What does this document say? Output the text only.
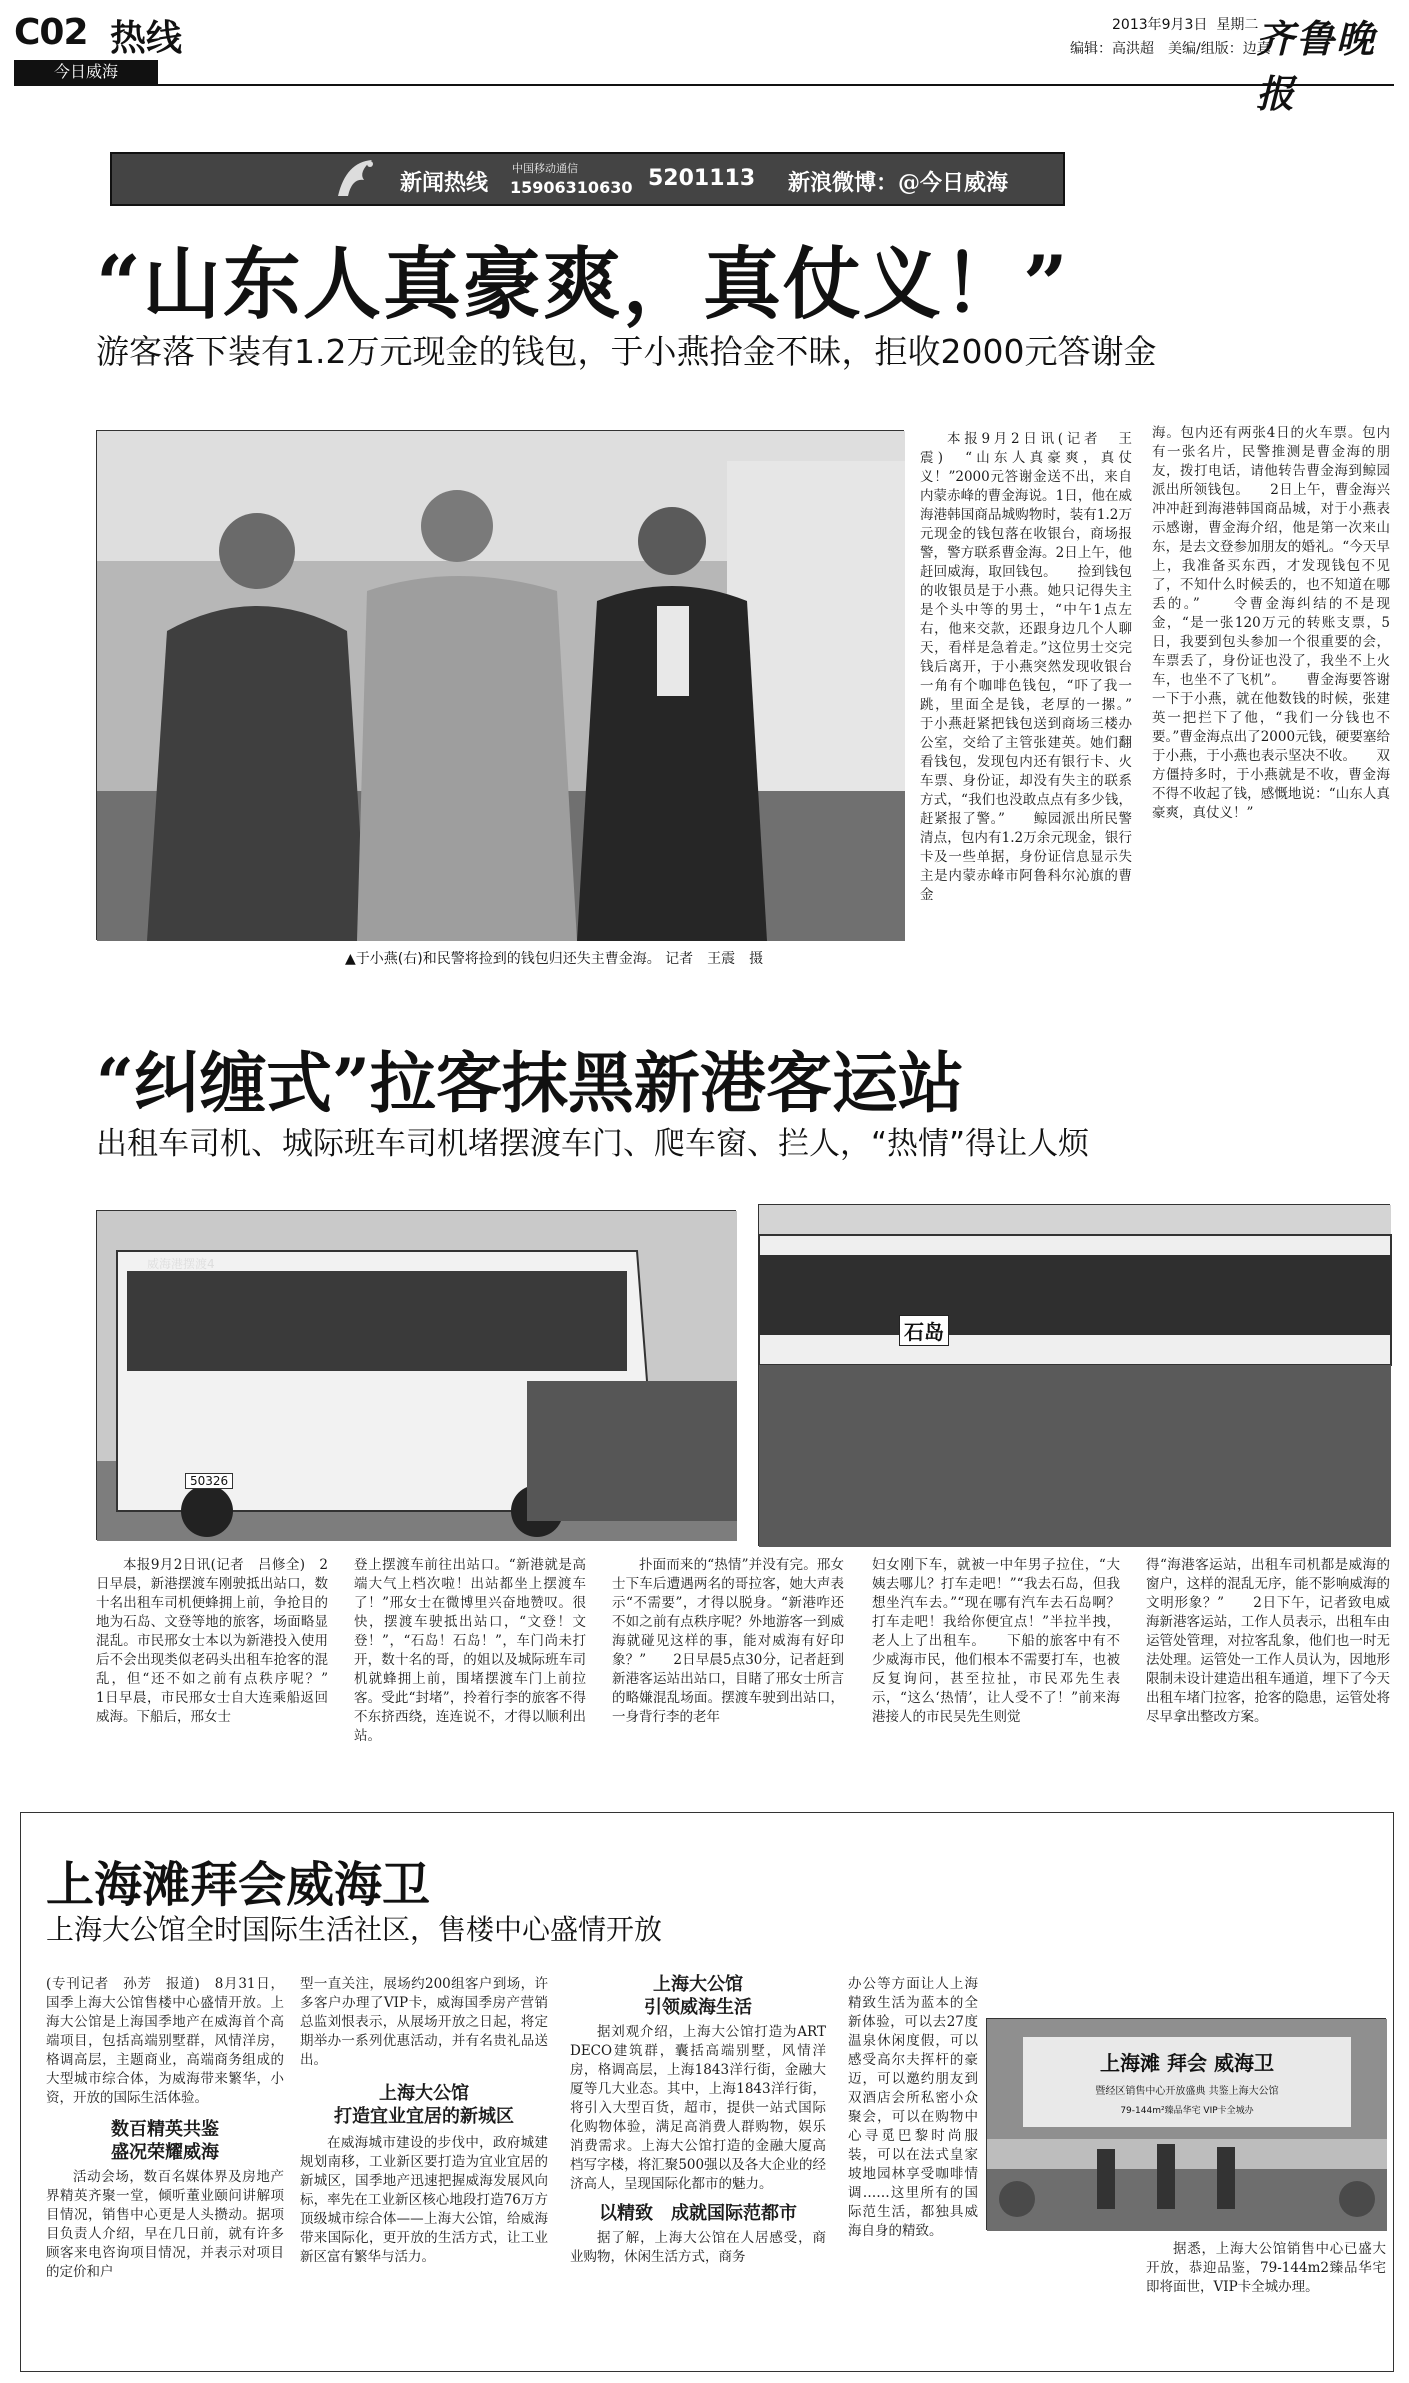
C02 热线
今日威海
2013年9月3日 星期二
编辑：高洪超　美编/组版：边真
齐鲁晚报
新闻热线
中国移动通信
15906310630 5201113 新浪微博：@今日威海
“山东人真豪爽，真仗义！”
游客落下装有1.2万元现金的钱包，于小燕拾金不昧，拒收2000元答谢金
▲于小燕(右)和民警将捡到的钱包归还失主曹金海。 记者　王震　摄

本报9月2日讯(记者　王震)　“山东人真豪爽，真仗义！”2000元答谢金送不出，来自内蒙赤峰的曹金海说。1日，他在威海港韩国商品城购物时，装有1.2万元现金的钱包落在收银台，商场报警，警方联系曹金海。2日上午，他赶回威海，取回钱包。　　捡到钱包的收银员是于小燕。她只记得失主是个头中等的男士，“中午1点左右，他来交款，还跟身边几个人聊天，看样是急着走。”这位男士交完钱后离开，于小燕突然发现收银台一角有个咖啡色钱包，“吓了我一跳，里面全是钱，老厚的一摞。”　　于小燕赶紧把钱包送到商场三楼办公室，交给了主管张建英。她们翻看钱包，发现包内还有银行卡、火车票、身份证，却没有失主的联系方式，“我们也没敢点点有多少钱，赶紧报了警。”　　鲸园派出所民警清点，包内有1.2万余元现金，银行卡及一些单据，身份证信息显示失主是内蒙赤峰市阿鲁科尔沁旗的曹金

海。包内还有两张4日的火车票。包内有一张名片，民警推测是曹金海的朋友，拨打电话，请他转告曹金海到鲸园派出所领钱包。　　2日上午，曹金海兴冲冲赶到海港韩国商品城，对于小燕表示感谢，曹金海介绍，他是第一次来山东，是去文登参加朋友的婚礼。“今天早上，我准备买东西，才发现钱包不见了，不知什么时候丢的，也不知道在哪丢的。”　　令曹金海纠结的不是现金，“是一张120万元的转账支票，5日，我要到包头参加一个很重要的会，车票丢了，身份证也没了，我坐不上火车，也坐不了飞机”。　　曹金海要答谢一下于小燕，就在他数钱的时候，张建英一把拦下了他，“我们一分钱也不要。”曹金海点出了2000元钱，硬要塞给于小燕，于小燕也表示坚决不收。　　双方僵持多时，于小燕就是不收，曹金海不得不收起了钱，感慨地说：“山东人真豪爽，真仗义！”

“纠缠式”拉客抹黑新港客运站
出租车司机、城际班车司机堵摆渡车门、爬车窗、拦人，“热情”得让人烦
威海港摆渡4
50326
石岛

本报9月2日讯(记者　吕修全)　2日早晨，新港摆渡车刚驶抵出站口，数十名出租车司机便蜂拥上前，争抢目的地为石岛、文登等地的旅客，场面略显混乱。市民邢女士本以为新港投入使用后不会出现类似老码头出租车抢客的混乱，但“还不如之前有点秩序呢？”　　1日早晨，市民邢女士自大连乘船返回威海。下船后，邢女士

登上摆渡车前往出站口。“新港就是高端大气上档次啦！出站都坐上摆渡车了！”邢女士在微博里兴奋地赞叹。很快，摆渡车驶抵出站口，“文登！文登！”，“石岛！石岛！”，车门尚未打开，数十名的哥，的姐以及城际班车司机就蜂拥上前，围堵摆渡车门上前拉客。受此“封堵”，拎着行李的旅客不得不东挤西绕，连连说不，才得以顺利出站。

扑面而来的“热情”并没有完。邢女士下车后遭遇两名的哥拉客，她大声表示“不需要”，才得以脱身。“新港咋还不如之前有点秩序呢？外地游客一到威海就碰见这样的事，能对威海有好印象？”　　2日早晨5点30分，记者赶到新港客运站出站口，目睹了邢女士所言的略嫌混乱场面。摆渡车驶到出站口，一身背行李的老年

妇女刚下车，就被一中年男子拉住，“大姨去哪儿？打车走吧！”“我去石岛，但我想坐汽车去。”“现在哪有汽车去石岛啊？打车走吧！我给你便宜点！”半拉半拽，老人上了出租车。　　下船的旅客中有不少威海市民，他们根本不需要打车，也被反复询问，甚至拉扯，市民邓先生表示，“这么‘热情’，让人受不了！”前来海港接人的市民吴先生则觉

得“海港客运站，出租车司机都是威海的窗户，这样的混乱无序，能不影响威海的文明形象？”　　2日下午，记者致电威海新港客运站，工作人员表示，出租车由运管处管理，对拉客乱象，他们也一时无法处理。运管处一工作人员认为，因地形限制未设计建造出租车通道，埋下了今天出租车堵门拉客，抢客的隐患，运管处将尽早拿出整改方案。

上海滩拜会威海卫
上海大公馆全时国际生活社区，售楼中心盛情开放

(专刊记者　孙芳　报道)　8月31日，国季上海大公馆售楼中心盛情开放。上海大公馆是上海国季地产在威海首个高端项目，包括高端别墅群，风情洋房，格调高层，主题商业，高端商务组成的大型城市综合体，为威海带来繁华，小资，开放的国际生活体验。

数百精英共鉴
盛况荣耀威海

活动会场，数百名媒体界及房地产界精英齐聚一堂，倾听董业颐问讲解项目情况，销售中心更是人头攒动。据项目负责人介绍，早在几日前，就有许多顾客来电咨询项目情况，并表示对项目的定价和户

型一直关注，展场约200组客户到场，许多客户办理了VIP卡，威海国季房产营销总监刘恨表示，从展场开放之日起，将定期举办一系列优惠活动，并有名贵礼品送出。

上海大公馆
打造宜业宜居的新城区

在威海城市建设的步伐中，政府城建规划南移，工业新区要打造为宜业宜居的新城区，国季地产迅速把握威海发展风向标，率先在工业新区核心地段打造76万方顶级城市综合体——上海大公馆，给威海带来国际化，更开放的生活方式，让工业新区富有繁华与活力。

上海大公馆
引领威海生活

据刘观介绍，上海大公馆打造为ART DECO建筑群，囊括高端别墅，风情洋房，格调高层，上海1843洋行街，金融大厦等几大业态。其中，上海1843洋行街，将引入大型百货，超市，提供一站式国际化购物体验，满足高消费人群购物，娱乐消费需求。上海大公馆打造的金融大厦高档写字楼，将汇聚500强以及各大企业的经济高人，呈现国际化都市的魅力。

以精致　成就国际范都市

据了解，上海大公馆在人居感受，商业购物，休闲生活方式，商务

办公等方面让人上海精致生活为蓝本的全新体验，可以去27度温泉休闲度假，可以感受高尔夫挥杆的豪迈，可以邀约朋友到双酒店会所私密小众聚会，可以在购物中心寻觅巴黎时尚服装，可以在法式皇家坡地园林享受咖啡情调……这里所有的国际范生活，都独具威海自身的精致。

上海滩 拜会 威海卫
暨经区销售中心开放盛典 共鉴上海大公馆
79-144m²臻品华宅 VIP卡全城办

据悉，上海大公馆销售中心已盛大开放，恭迎品鉴，79-144m2臻品华宅即将面世，VIP卡全城办理。
